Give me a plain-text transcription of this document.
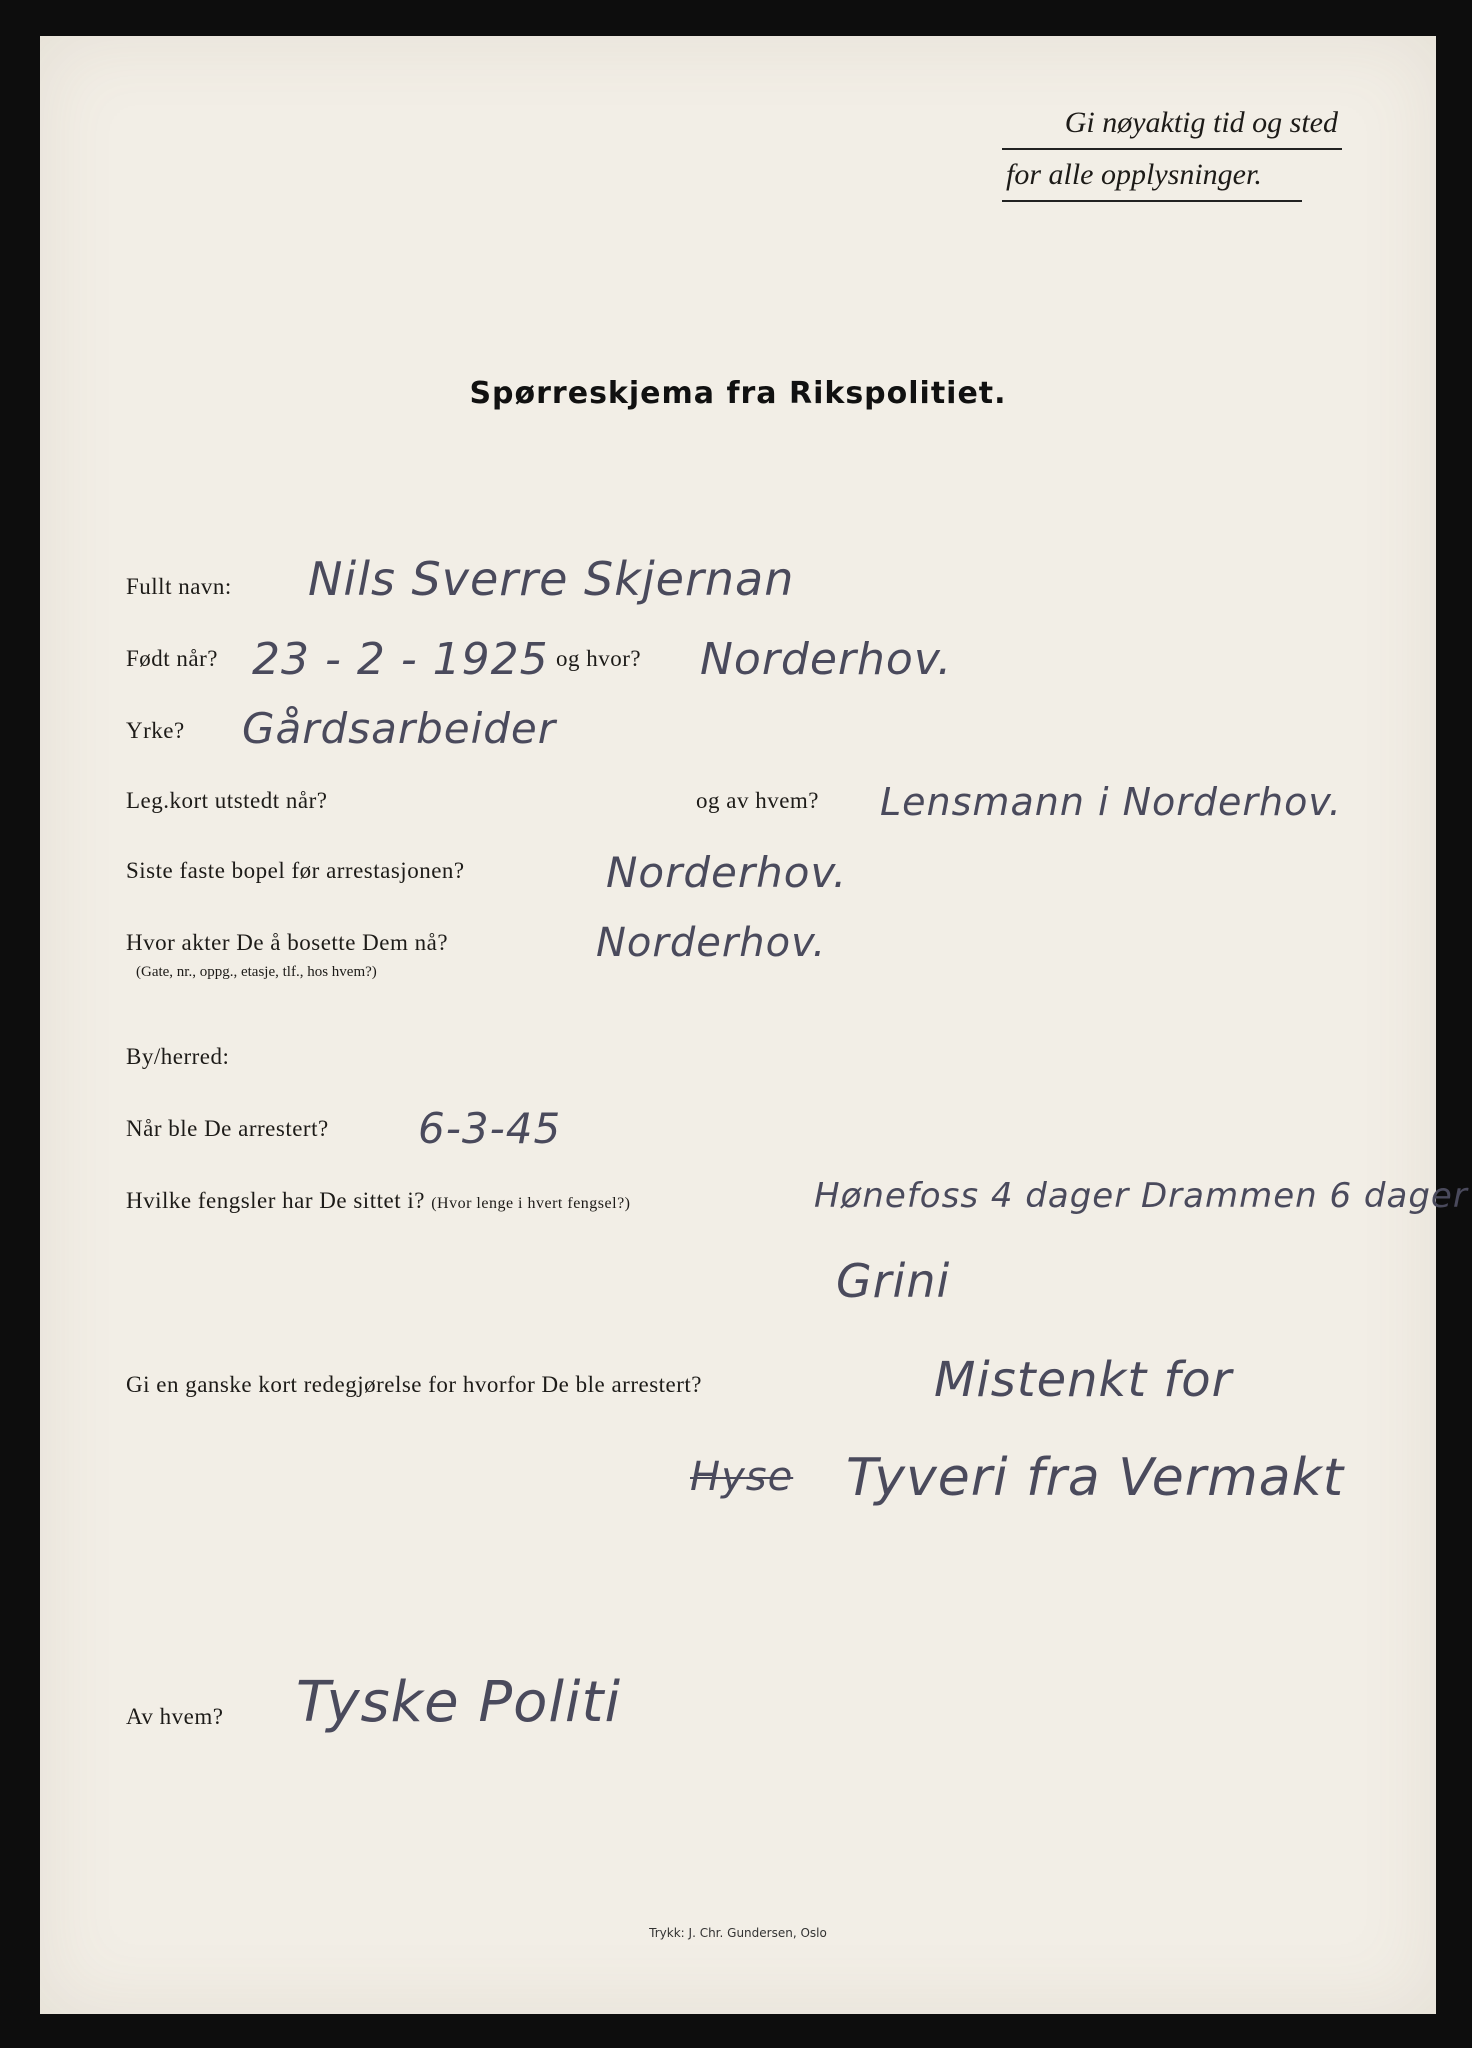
Gi nøyaktig tid og sted
for alle opplysninger.
Spørreskjema fra Rikspolitiet.
Fullt navn: Nils Sverre Skjernan
Født når? 23 - 2 - 1925 og hvor? Norderhov.
Yrke? Gårdsarbeider
Leg.kort utstedt når?	og av hvem? Lensmann i Norderhov.
Siste faste bopel før arrestasjonen?	Norderhov.
Hvor akter De å bosette Dem nå?
(Gate, nr., oppg., etasje, tlf., hos hvem?)
Norderhov.
By/herred:
Når ble De arrestert? 6-3-45
Hvilke fengsler har De sittet i? (Hvor lenge i hvert fengsel?)	Hønefoss 4 dager Drammen 6 dager
Grini
Gi en ganske kort redegjørelse for hvorfor De ble arrestert?	Mistenkt for
Hyse Tyveri fra Vermakt
Av hvem? Tyske Politi
Trykk: J. Chr. Gundersen, Oslo
